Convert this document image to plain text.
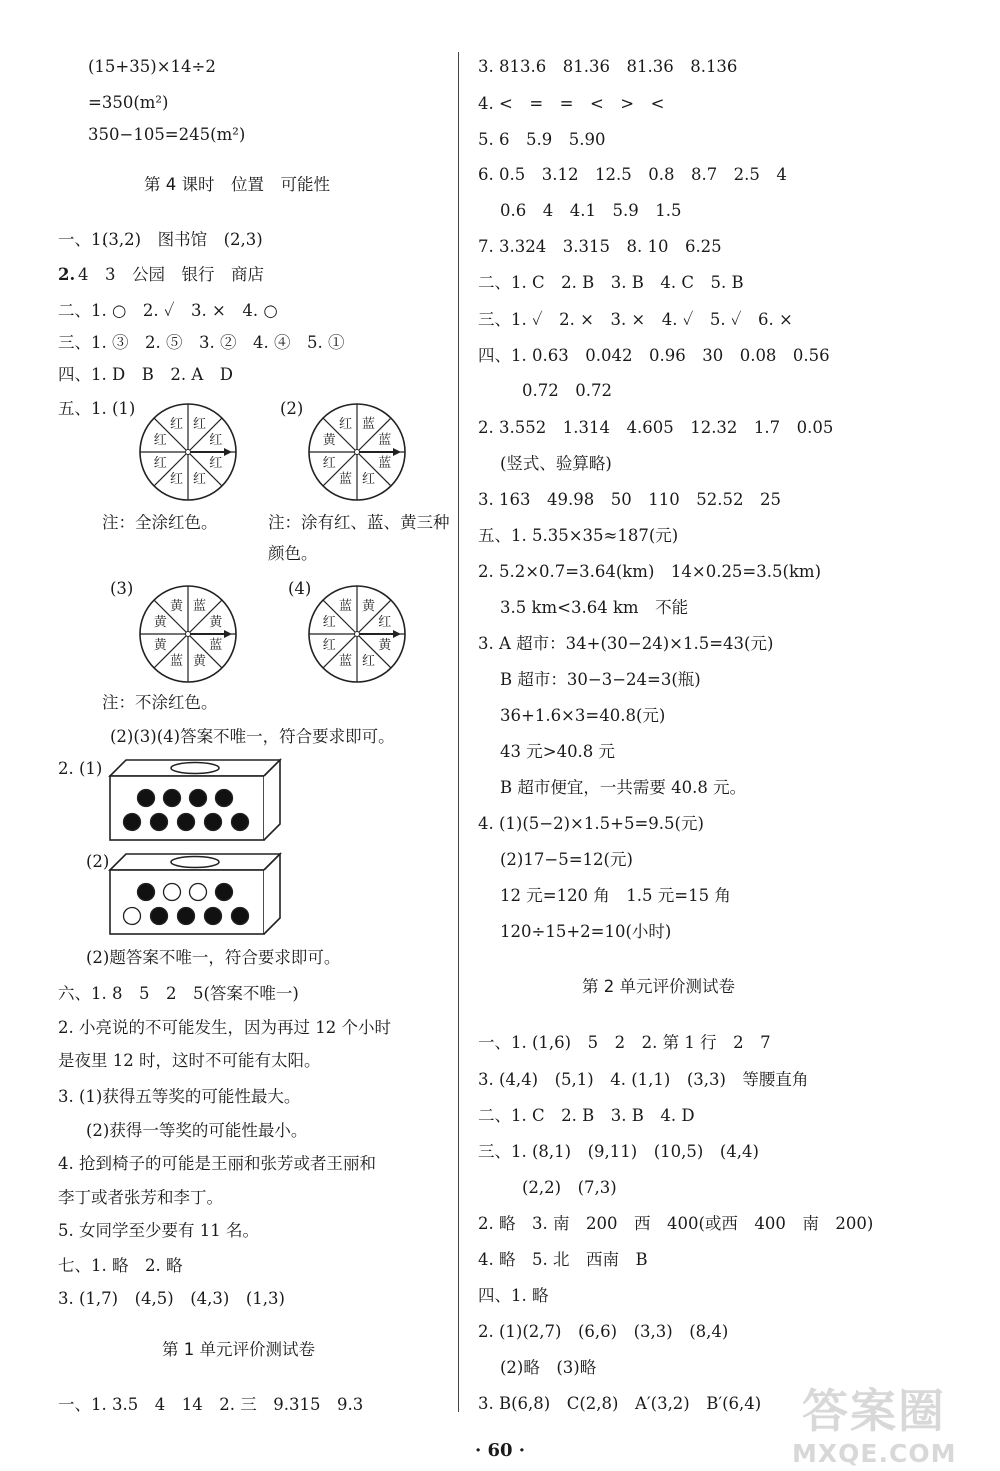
(15+35)×14÷2
=350(m²)
350−105=245(m²)
第 4 课时　位置　可能性
一、1.
(3,2)　图书馆　(2,3)
2. 4　3　公园　银行　商店
二、1. ○　2. ✓　3. ×　4. ○
三、1. ③　2. ⑤　3. ②　4. ④　5. ①
四、1. D　B　2. A　D
五、1. (1)	(2)
注：全涂红色。	注：涂有红、蓝、黄三种
颜色。
(3)	(4)
注：不涂红色。
(2)(3)(4)答案不唯一，符合要求即可。
2. (1)
(2)
(2)题答案不唯一，符合要求即可。
六、1. 8　5　2　5(答案不唯一)
2. 小亮说的不可能发生，因为再过 12 个小时
是夜里 12 时，这时不可能有太阳。
3. (1)获得五等奖的可能性最大。
(2)获得一等奖的可能性最小。
4. 抢到椅子的可能是王丽和张芳或者王丽和
李丁或者张芳和李丁。
5. 女同学至少要有 11 名。
七、1. 略　2. 略
3. (1,7)　(4,5)　(4,3)　(1,3)
第 1 单元评价测试卷
一、1. 3.5　4　14　2. 三　9.315　9.3
红
红
红
红
红
红
红
红	蓝
蓝
蓝
红
蓝
红
黄
红
蓝
黄
蓝
黄
蓝
黄
黄
黄	黄
红
黄
红
蓝
红
红
蓝
3. 813.6　81.36　81.36　8.136
4. <　=　=　<　>　<
5. 6　5.9　5.90
6. 0.5　3.12　12.5　0.8　8.7　2.5　4
0.6　4　4.1　5.9　1.5
7. 3.324　3.315　8. 10　6.25
二、1. C　2. B　3. B　4. C　5. B
三、1. ✓　2. ×　3. ×　4. ✓　5. ✓　6. ×
四、1. 0.63　0.042　0.96　30　0.08　0.56
0.72　0.72
2. 3.552　1.314　4.605　12.32　1.7　0.05
(竖式、验算略)
3. 163　49.98　50　110　52.52　25
五、1. 5.35×35≈187(元)
2. 5.2×0.7=3.64(km)　14×0.25=3.5(km)
3.5 km<3.64 km　不能
3. A 超市：34+(30−24)×1.5=43(元)
B 超市：30−3−24=3(瓶)
36+1.6×3=40.8(元)
43 元>40.8 元
B 超市便宜，一共需要 40.8 元。
4. (1)(5−2)×1.5+5=9.5(元)
(2)17−5=12(元)
12 元=120 角　1.5 元=15 角
120÷15+2=10(小时)
第 2 单元评价测试卷
一、1. (1,6)　5　2　2. 第 1 行　2　7
3. (4,4)　(5,1)　4. (1,1)　(3,3)　等腰直角
二、1. C　2. B　3. B　4. D
三、1. (8,1)　(9,11)　(10,5)　(4,4)
(2,2)　(7,3)
2. 略　3. 南　200　西　400(或西　400　南　200)
4. 略　5. 北　西南　B
四、1. 略
2. (1)(2,7)　(6,6)　(3,3)　(8,4)
(2)略　(3)略
3. B(6,8)　C(2,8)　A′(3,2)　B′(6,4) 答案圈
MXQE.COM
· 60 ·
